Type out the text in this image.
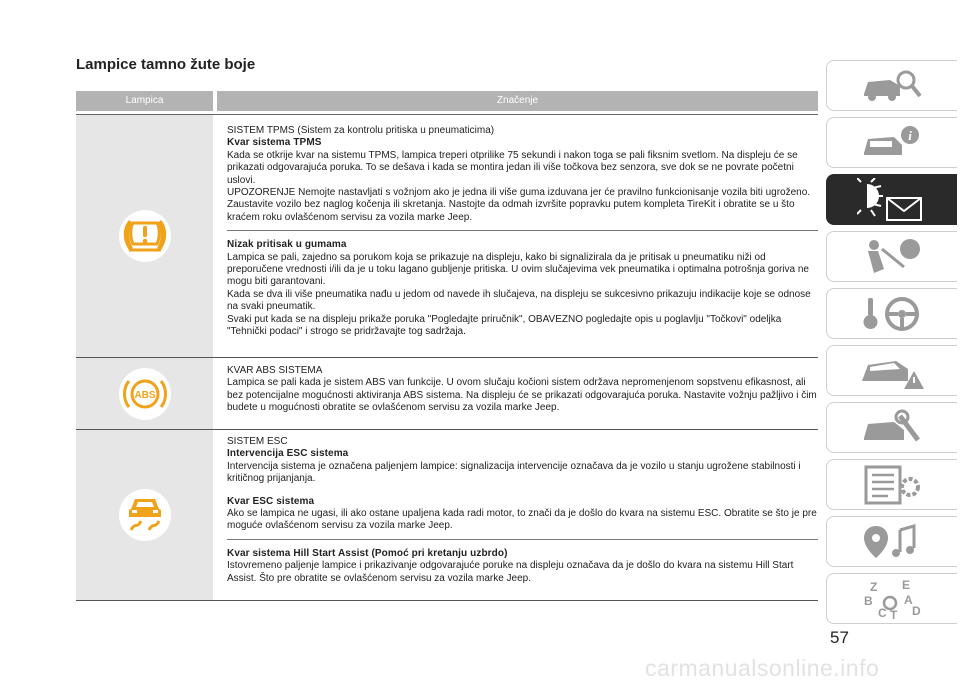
Lampice tamno žute boje
Lampica	Značenje

SISTEM TPMS (Sistem za kontrolu pritiska u pneumaticima)

Kvar sistema TPMS

Kada se otkrije kvar na sistemu TPMS, lampica treperi otprilike 75 sekundi i nakon toga se pali fiksnim svetlom. Na displeju će se prikazati odgovarajuća poruka. To se dešava i kada se montira jedan ili više točkova bez senzora, sve dok se ne povrate početni uslovi.

UPOZORENJE Nemojte nastavljati s vožnjom ako je jedna ili više guma izduvana jer će pravilno funkcionisanje vozila biti ugroženo. Zaustavite vozilo bez naglog kočenja ili skretanja. Nastojte da odmah izvršite popravku putem kompleta TireKit i obratite se u što kraćem roku ovlašćenom servisu za vozila marke Jeep.

Nizak pritisak u gumama

Lampica se pali, zajedno sa porukom koja se prikazuje na displeju, kako bi signalizirala da je pritisak u pneumatiku niži od preporučene vrednosti i/ili da je u toku lagano gubljenje pritiska. U ovim slučajevima vek pneumatika i optimalna potrošnja goriva ne mogu biti garantovani.

Kada se dva ili više pneumatika nađu u jedom od navede ih slučajeva, na displeju se sukcesivno prikazuju indikacije koje se odnose na svaki pneumatik.

Svaki put kada se na displeju prikaže poruka "Pogledajte priručnik", OBAVEZNO pogledajte opis u poglavlju "Točkovi" odeljka "Tehnički podaci" i strogo se pridržavajte tog sadržaja.

ABS

KVAR ABS SISTEMA

Lampica se pali kada je sistem ABS van funkcije. U ovom slučaju kočioni sistem održava nepromenjenom sopstvenu efikasnost, ali bez potencijalne mogućnosti aktiviranja ABS sistema. Na displeju će se prikazati odgovarajuća poruka. Nastavite vožnju pažljivo i čim budete u mogućnosti obratite se ovlašćenom servisu za vozila marke Jeep.

SISTEM ESC

Intervencija ESC sistema

Intervencija sistema je označena paljenjem lampice: signalizacija intervencije označava da je vozilo u stanju ugrožene stabilnosti i kritičnog prijanjanja.

Kvar ESC sistema

Ako se lampica ne ugasi, ili ako ostane upaljena kada radi motor, to znači da je došlo do kvara na sistemu ESC. Obratite se što je pre moguće ovlašćenom servisu za vozila marke Jeep.

Kvar sistema Hill Start Assist (Pomoć pri kretanju uzbrdo)

Istovremeno paljenje lampice i prikazivanje odgovarajuće poruke na displeju označava da je došlo do kvara na sistemu Hill Start Assist. Što pre obratite se ovlašćenom servisu za vozila marke Jeep.

i
Z E
B	A
C T D
57
carmanualsonline.info
